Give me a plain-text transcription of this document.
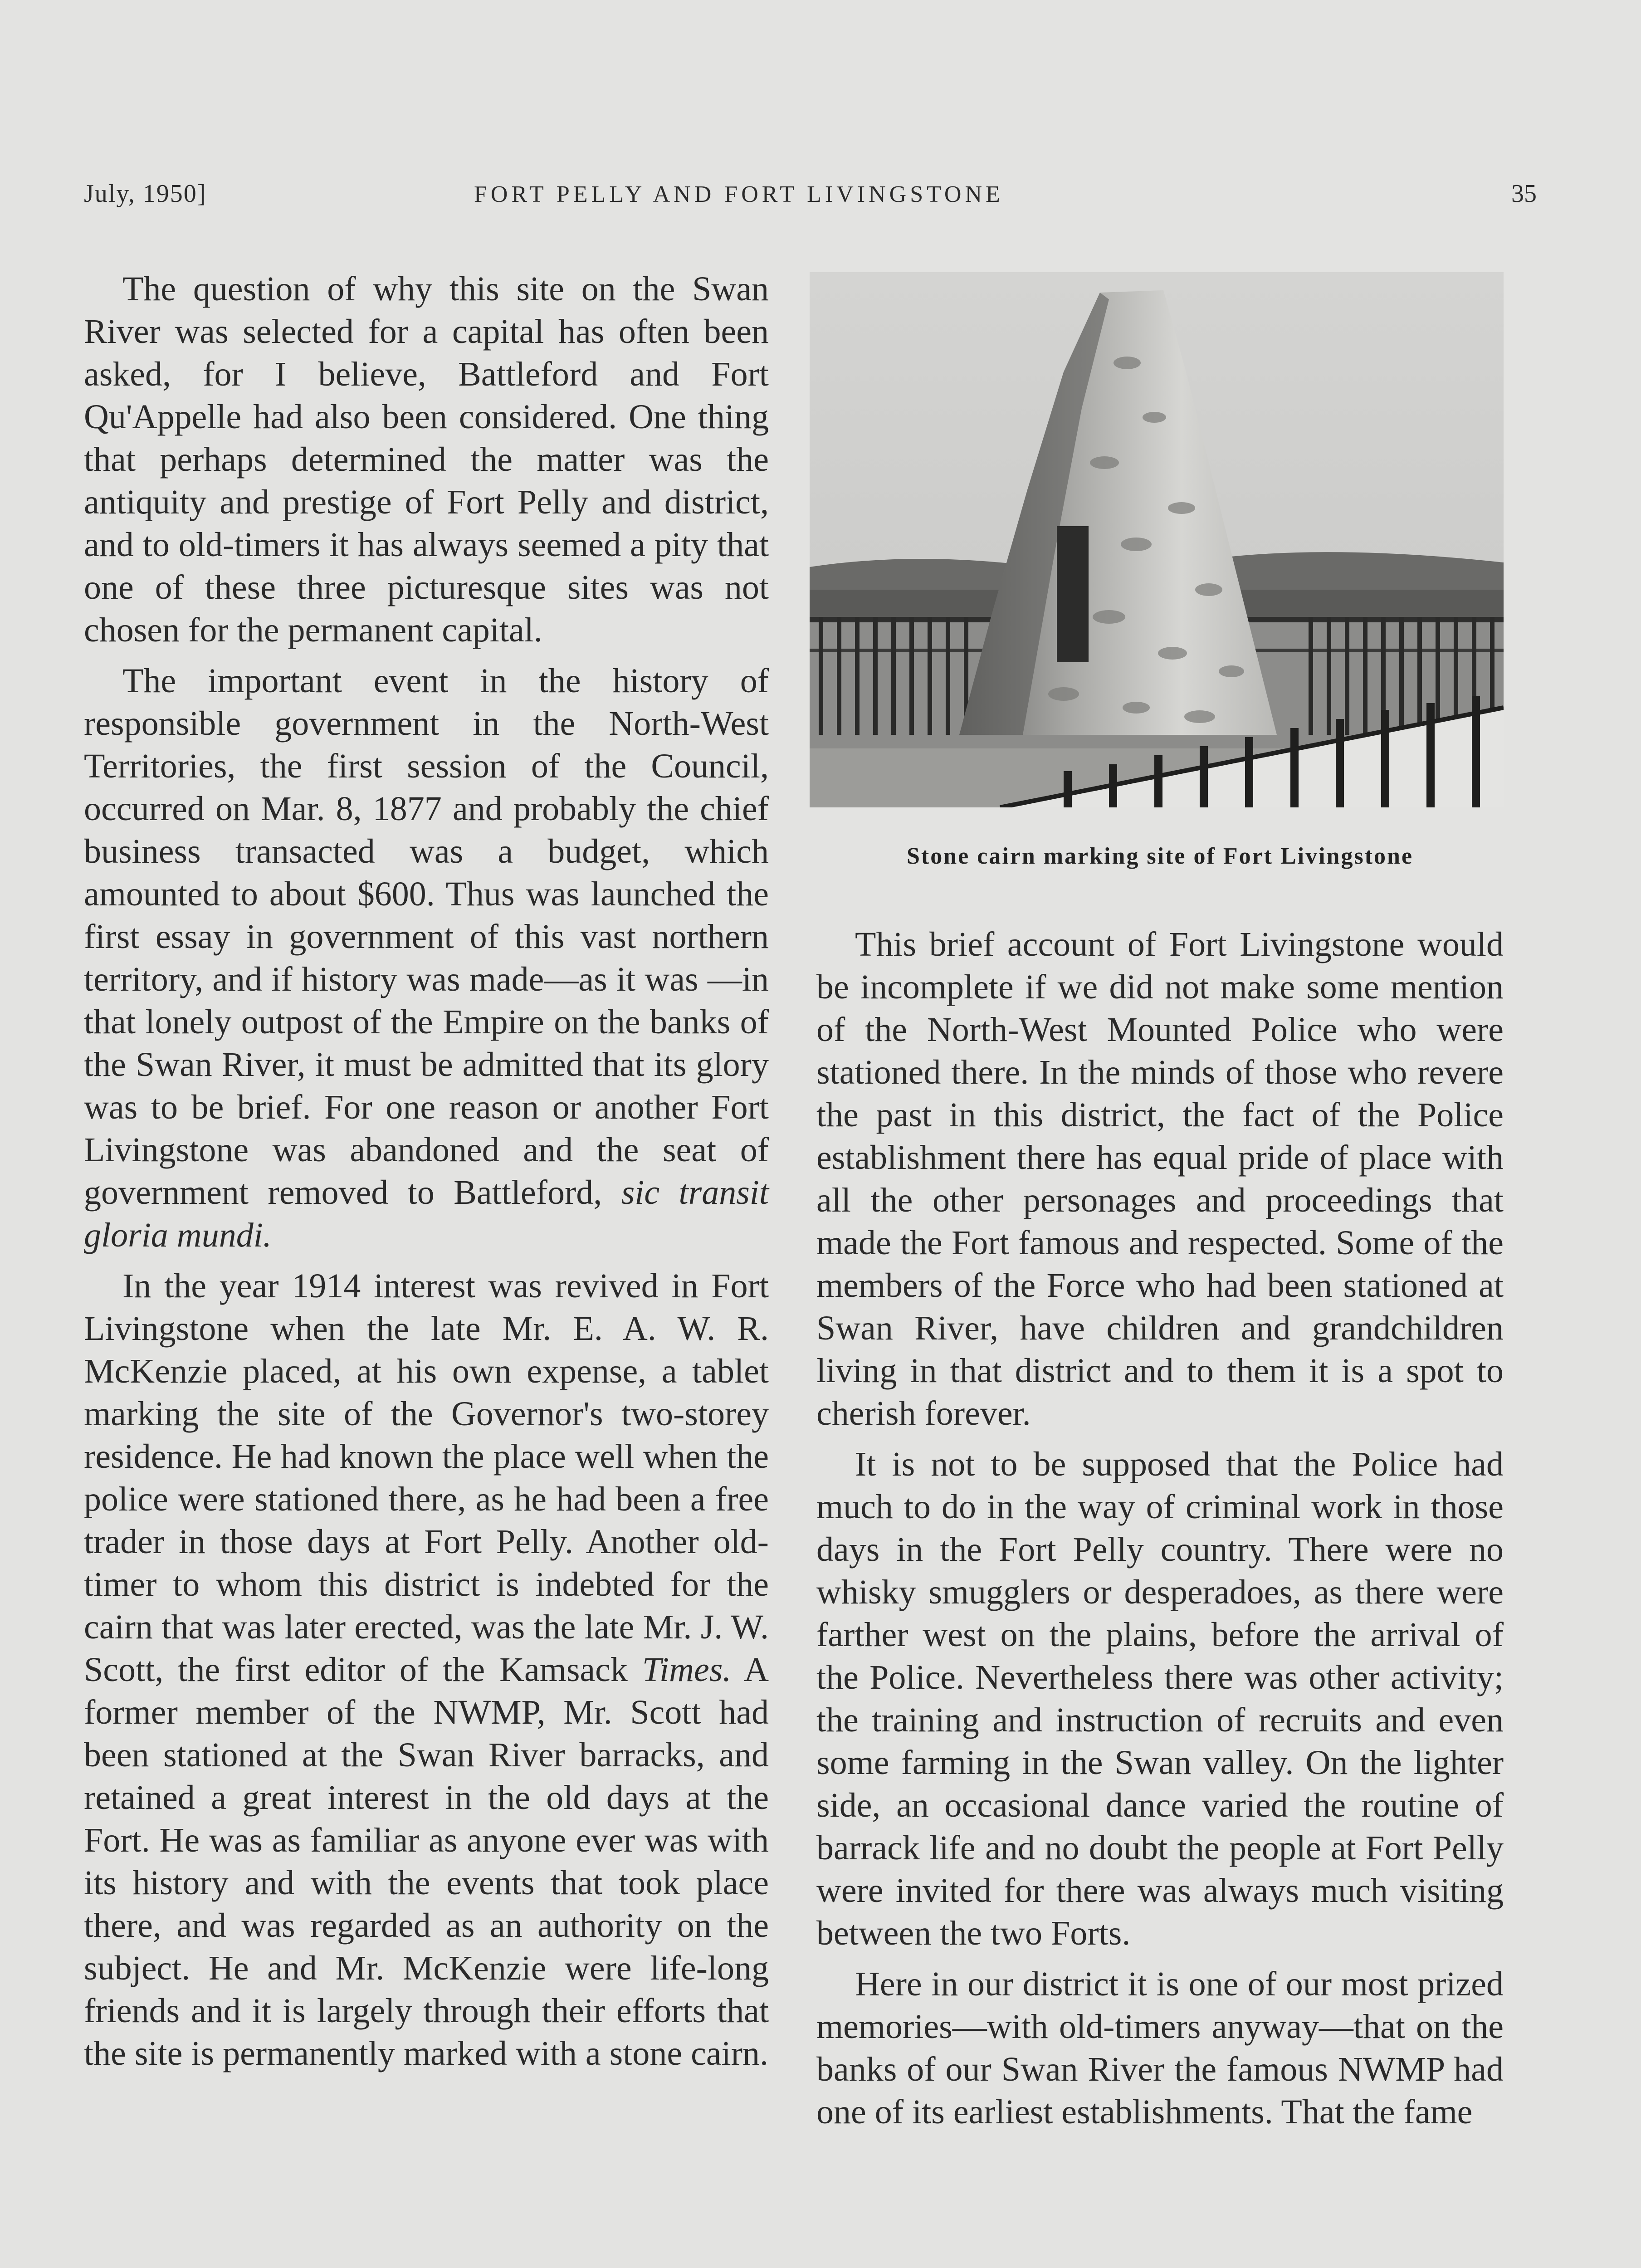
July, 1950]	FORT PELLY AND FORT LIVINGSTONE	35

The question of why this site on the Swan River was selected for a capital has often been asked, for I believe, Battleford and Fort Qu'Appelle had also been considered. One thing that perhaps determined the matter was the antiquity and prestige of Fort Pelly and district, and to old-timers it has always seemed a pity that one of these three picturesque sites was not chosen for the permanent capital.

The important event in the history of responsible government in the North-West Territories, the first session of the Council, occurred on Mar. 8, 1877 and probably the chief business transacted was a budget, which amounted to about $600. Thus was launched the first essay in government of this vast northern territory, and if history was made—as it was —in that lonely outpost of the Empire on the banks of the Swan River, it must be admitted that its glory was to be brief. For one reason or another Fort Livingstone was abandoned and the seat of government removed to Battleford, sic transit gloria mundi.

In the year 1914 interest was revived in Fort Livingstone when the late Mr. E. A. W. R. McKenzie placed, at his own expense, a tablet marking the site of the Governor's two-storey residence. He had known the place well when the police were stationed there, as he had been a free trader in those days at Fort Pelly. Another old-timer to whom this district is indebted for the cairn that was later erected, was the late Mr. J. W. Scott, the first editor of the Kamsack Times. A former member of the NWMP, Mr. Scott had been stationed at the Swan River barracks, and retained a great interest in the old days at the Fort. He was as familiar as anyone ever was with its history and with the events that took place there, and was regarded as an authority on the subject. He and Mr. McKenzie were life-long friends and it is largely through their efforts that the site is permanently marked with a stone cairn.

Stone cairn marking site of Fort Livingstone

This brief account of Fort Livingstone would be incomplete if we did not make some mention of the North-West Mounted Police who were stationed there. In the minds of those who revere the past in this district, the fact of the Police establishment there has equal pride of place with all the other personages and proceedings that made the Fort famous and respected. Some of the members of the Force who had been stationed at Swan River, have children and grandchildren living in that district and to them it is a spot to cherish forever.

It is not to be supposed that the Police had much to do in the way of criminal work in those days in the Fort Pelly country. There were no whisky smugglers or desperadoes, as there were farther west on the plains, before the arrival of the Police. Nevertheless there was other activity; the training and instruction of recruits and even some farming in the Swan valley. On the lighter side, an occasional dance varied the routine of barrack life and no doubt the people at Fort Pelly were invited for there was always much visiting between the two Forts.

Here in our district it is one of our most prized memories—with old-timers anyway—that on the banks of our Swan River the famous NWMP had one of its earliest establishments. That the fame
